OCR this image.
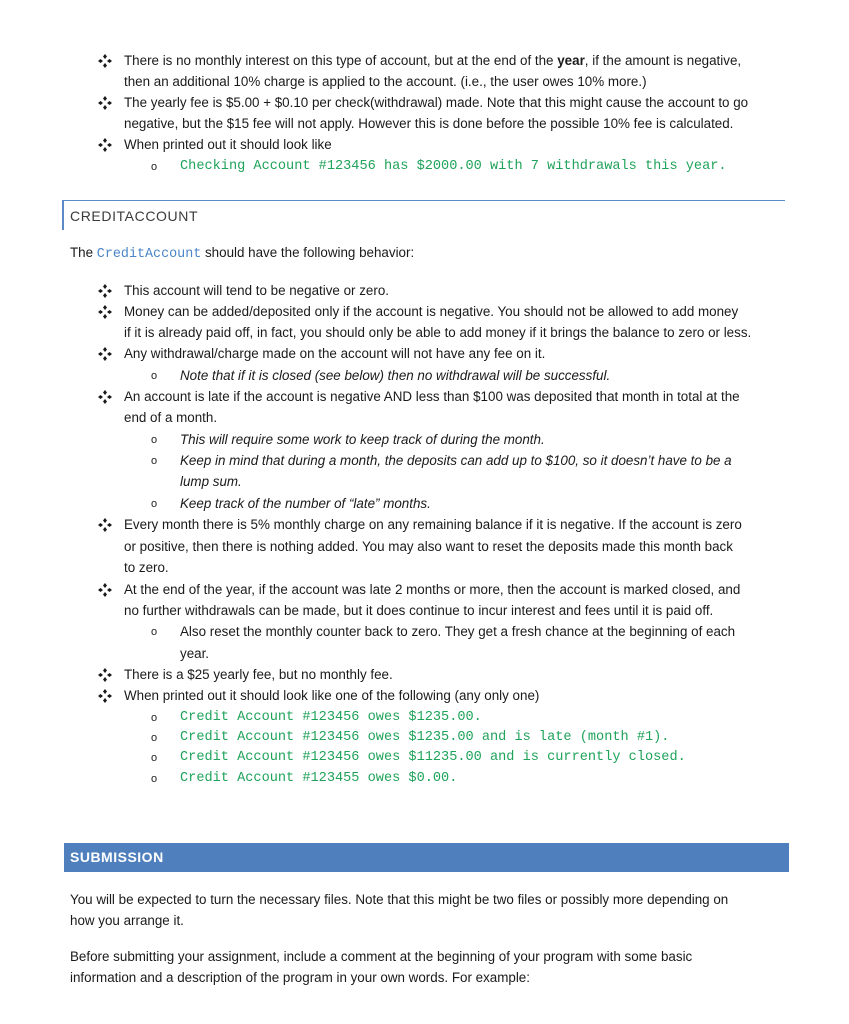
There is no monthly interest on this type of account, but at the end of the year, if the amount is negative,
then an additional 10% charge is applied to the account. (i.e., the user owes 10% more.)
The yearly fee is $5.00 + $0.10 per check(withdrawal) made. Note that this might cause the account to go
negative, but the $15 fee will not apply. However this is done before the possible 10% fee is calculated.
When printed out it should look like
o Checking Account #123456 has $2000.00 with 7 withdrawals this year.
CREDITACCOUNT
The CreditAccount should have the following behavior:
This account will tend to be negative or zero.
Money can be added/deposited only if the account is negative. You should not be allowed to add money
if it is already paid off, in fact, you should only be able to add money if it brings the balance to zero or less.
Any withdrawal/charge made on the account will not have any fee on it.
o Note that if it is closed (see below) then no withdrawal will be successful.
An account is late if the account is negative AND less than $100 was deposited that month in total at the
end of a month.
o This will require some work to keep track of during the month.
o Keep in mind that during a month, the deposits can add up to $100, so it doesn’t have to be a
lump sum.
o Keep track of the number of “late” months.
Every month there is 5% monthly charge on any remaining balance if it is negative. If the account is zero
or positive, then there is nothing added. You may also want to reset the deposits made this month back
to zero.
At the end of the year, if the account was late 2 months or more, then the account is marked closed, and
no further withdrawals can be made, but it does continue to incur interest and fees until it is paid off.
o Also reset the monthly counter back to zero. They get a fresh chance at the beginning of each
year.
There is a $25 yearly fee, but no monthly fee.
When printed out it should look like one of the following (any only one)
o Credit Account #123456 owes $1235.00.
o Credit Account #123456 owes $1235.00 and is late (month #1).
o Credit Account #123456 owes $11235.00 and is currently closed.
o Credit Account #123455 owes $0.00.
SUBMISSION
You will be expected to turn the necessary files. Note that this might be two files or possibly more depending on
how you arrange it.
Before submitting your assignment, include a comment at the beginning of your program with some basic
information and a description of the program in your own words. For example:
